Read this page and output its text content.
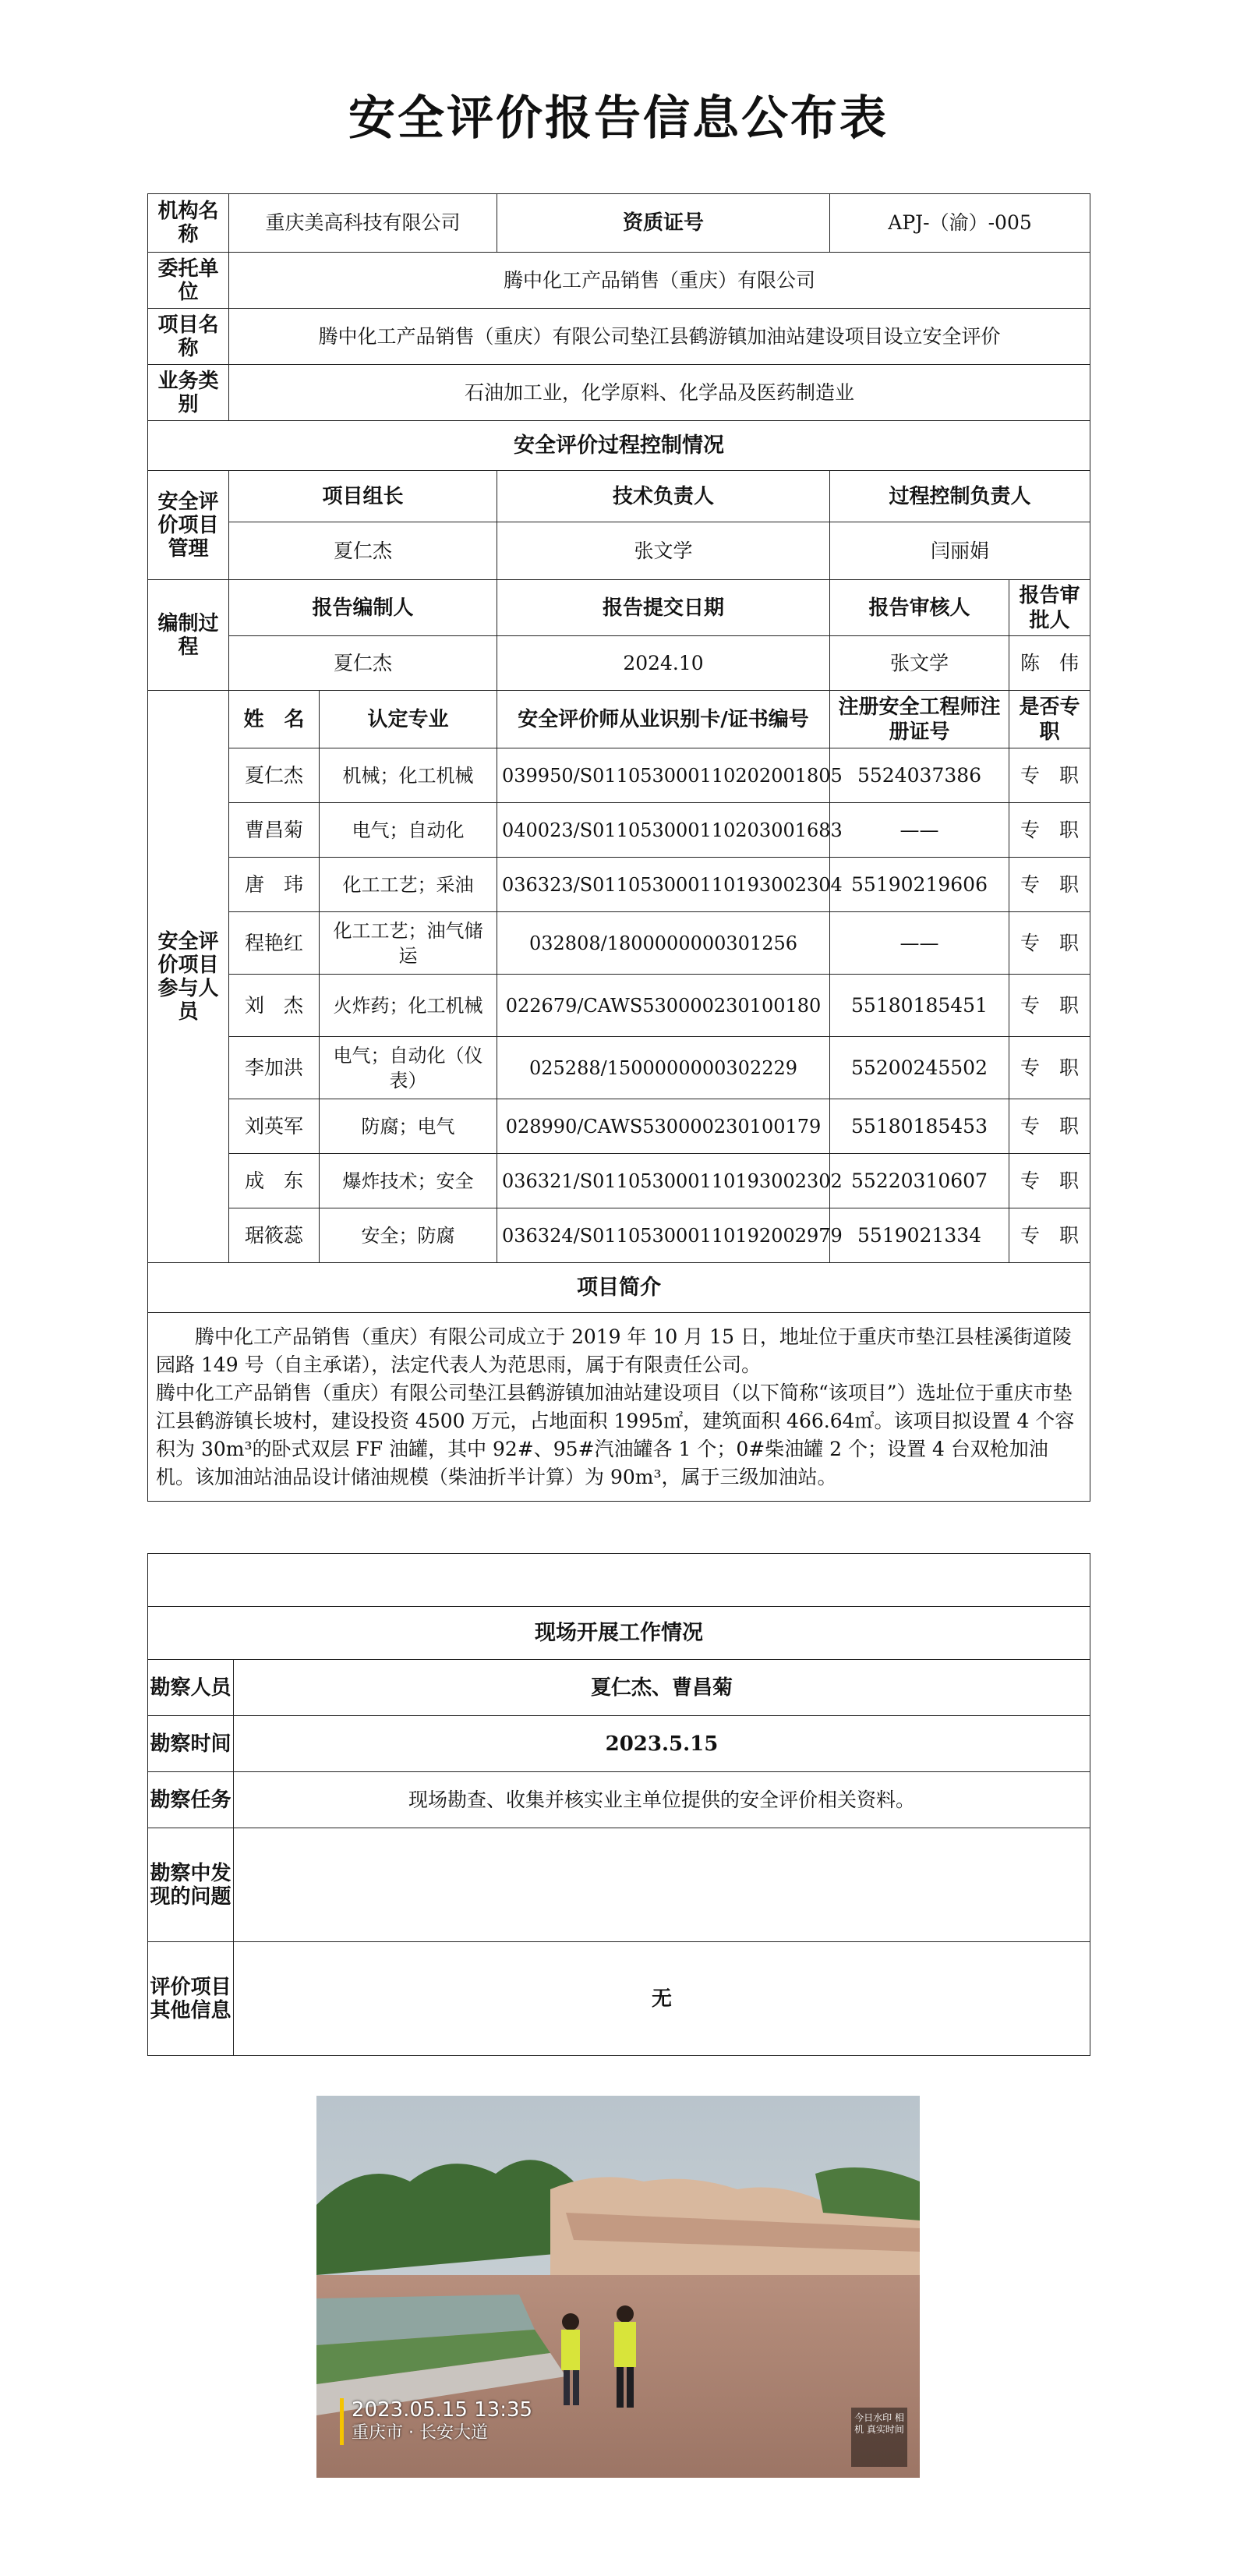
安全评价报告信息公布表
机构名称	重庆美高科技有限公司		资质证号	APJ-（渝）-005	
委托单位	腾中化工产品销售（重庆）有限公司				
项目名称	腾中化工产品销售（重庆）有限公司垫江县鹤游镇加油站建设项目设立安全评价				
业务类别	石油加工业，化学原料、化学品及医药制造业				
安全评价过程控制情况					
安全评价项目管理	项目组长		技术负责人	过程控制负责人	
	夏仁杰		张文学	闫丽娟	
编制过程	报告编制人		报告提交日期	报告审核人	报告审批人
	夏仁杰		2024.10	张文学	陈　伟
安全评价项目参与人员	姓　名	认定专业	安全评价师从业识别卡/证书编号	注册安全工程师注册证号	是否专职
	夏仁杰	机械；化工机械	039950/S011053000110202001805	5524037386	专　职
	曹昌菊	电气；自动化	040023/S011053000110203001683	——	专　职
	唐　玮	化工工艺；采油	036323/S011053000110193002304	55190219606	专　职
	程艳红	化工工艺；油气储运	032808/1800000000301256	——	专　职
	刘　杰	火炸药；化工机械	022679/CAWS530000230100180	55180185451	专　职
	李加洪	电气；自动化（仪表）	025288/1500000000302229	55200245502	专　职
	刘英军	防腐；电气	028990/CAWS530000230100179	55180185453	专　职
	成　东	爆炸技术；安全	036321/S011053000110193002302	55220310607	专　职
	琚筱蕊	安全；防腐	036324/S011053000110192002979	5519021334	专　职
项目简介					

腾中化工产品销售（重庆）有限公司成立于 2019 年 10 月 15 日，地址位于重庆市垫江县桂溪街道陵园路 149 号（自主承诺），法定代表人为范思雨，属于有限责任公司。
腾中化工产品销售（重庆）有限公司垫江县鹤游镇加油站建设项目（以下简称“该项目”）选址位于重庆市垫江县鹤游镇长坡村，建设投资 4500 万元，占地面积 1995㎡，建筑面积 466.64㎡。该项目拟设置 4 个容积为 30m³的卧式双层 FF 油罐，其中 92#、95#汽油罐各 1 个；0#柴油罐 2 个；设置 4 台双枪加油机。该加油站油品设计储油规模（柴油折半计算）为 90m³，属于三级加油站。					

现场开展工作情况	
勘察人员	夏仁杰、曹昌菊
勘察时间	2023.5.15
勘察任务	现场勘查、收集并核实业主单位提供的安全评价相关资料。
勘察中发现的问题	
评价项目其他信息	无
2023.05.15 13:35
重庆市 · 长安大道
今日水印 相机 真实时间
